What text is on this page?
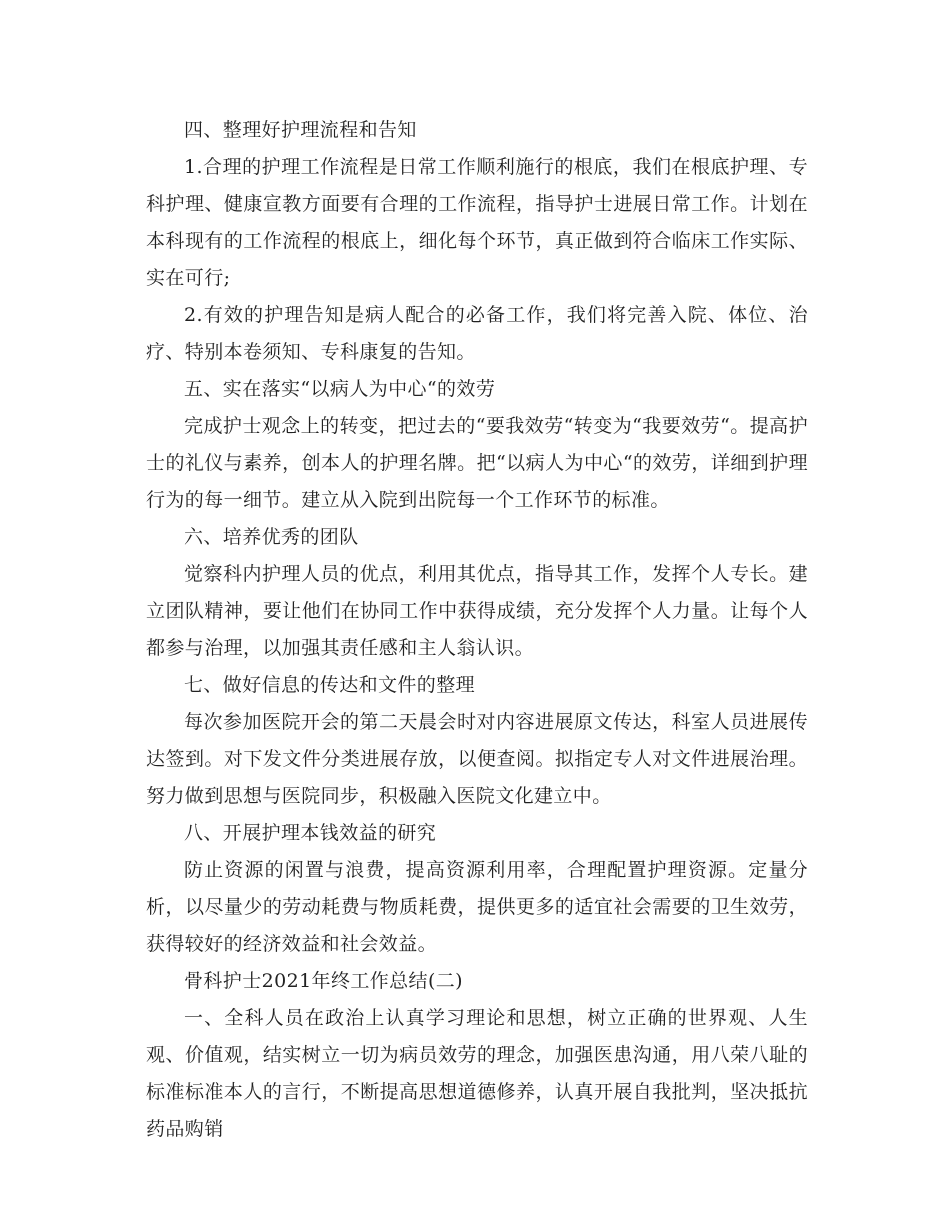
四、整理好护理流程和告知

1.合理的护理工作流程是日常工作顺利施行的根底，我们在根底护理、专科护理、健康宣教方面要有合理的工作流程，指导护士进展日常工作。计划在本科现有的工作流程的根底上，细化每个环节，真正做到符合临床工作实际、实在可行;

2.有效的护理告知是病人配合的必备工作，我们将完善入院、体位、治疗、特别本卷须知、专科康复的告知。

五、实在落实“以病人为中心“的效劳

完成护士观念上的转变，把过去的“要我效劳“转变为“我要效劳“。提高护士的礼仪与素养，创本人的护理名牌。把“以病人为中心“的效劳，详细到护理行为的每一细节。建立从入院到出院每一个工作环节的标准。

六、培养优秀的团队

觉察科内护理人员的优点，利用其优点，指导其工作，发挥个人专长。建立团队精神，要让他们在协同工作中获得成绩，充分发挥个人力量。让每个人都参与治理，以加强其责任感和主人翁认识。

七、做好信息的传达和文件的整理

每次参加医院开会的第二天晨会时对内容进展原文传达，科室人员进展传达签到。对下发文件分类进展存放，以便查阅。拟指定专人对文件进展治理。努力做到思想与医院同步，积极融入医院文化建立中。

八、开展护理本钱效益的研究

防止资源的闲置与浪费，提高资源利用率，合理配置护理资源。定量分析，以尽量少的劳动耗费与物质耗费，提供更多的适宜社会需要的卫生效劳，获得较好的经济效益和社会效益。

骨科护士2021年终工作总结(二)

一、全科人员在政治上认真学习理论和思想，树立正确的世界观、人生观、价值观，结实树立一切为病员效劳的理念，加强医患沟通，用八荣八耻的标准标准本人的言行，不断提高思想道德修养，认真开展自我批判，坚决抵抗药品购销
